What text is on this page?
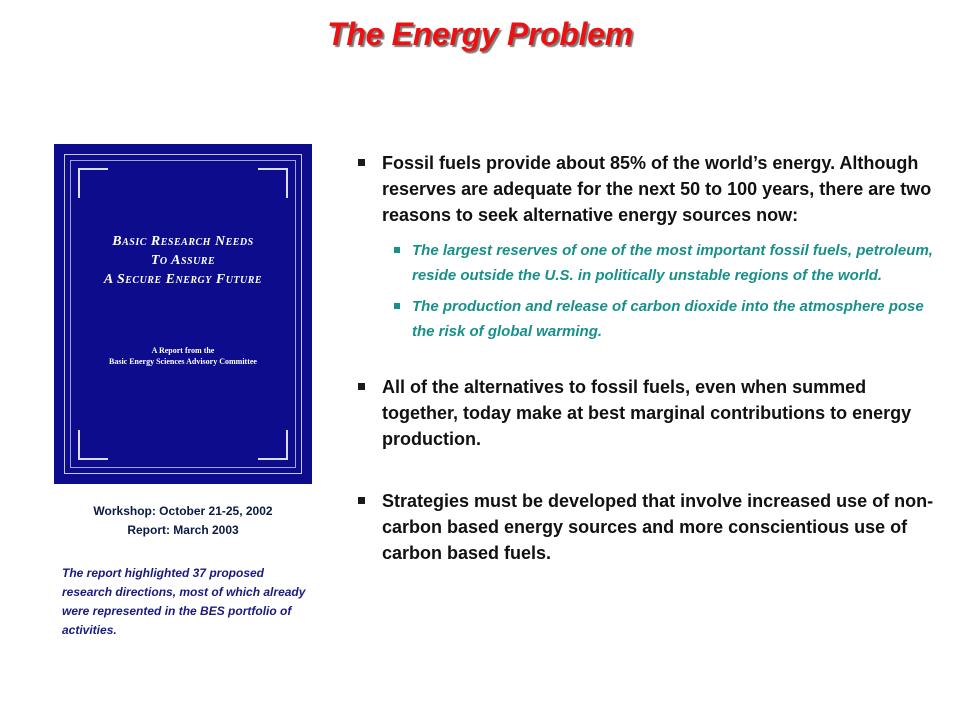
The Energy Problem
Basic Research Needs
To Assure
A Secure Energy Future
A Report from the
Basic Energy Sciences Advisory Committee
Workshop: October 21-25, 2002
Report: March 2003
The report highlighted 37 proposed research directions, most of which already were represented in the BES portfolio of activities.
Fossil fuels provide about 85% of the world’s energy. Although reserves are adequate for the next 50 to 100 years, there are two reasons to seek alternative energy sources now:
The largest reserves of one of the most important fossil fuels, petroleum, reside outside the U.S. in politically unstable regions of the world.
The production and release of carbon dioxide into the atmosphere pose the risk of global warming.
All of the alternatives to fossil fuels, even when summed together, today make at best marginal contributions to energy production.
Strategies must be developed that involve increased use of non-carbon based energy sources and more conscientious use of carbon based fuels.
